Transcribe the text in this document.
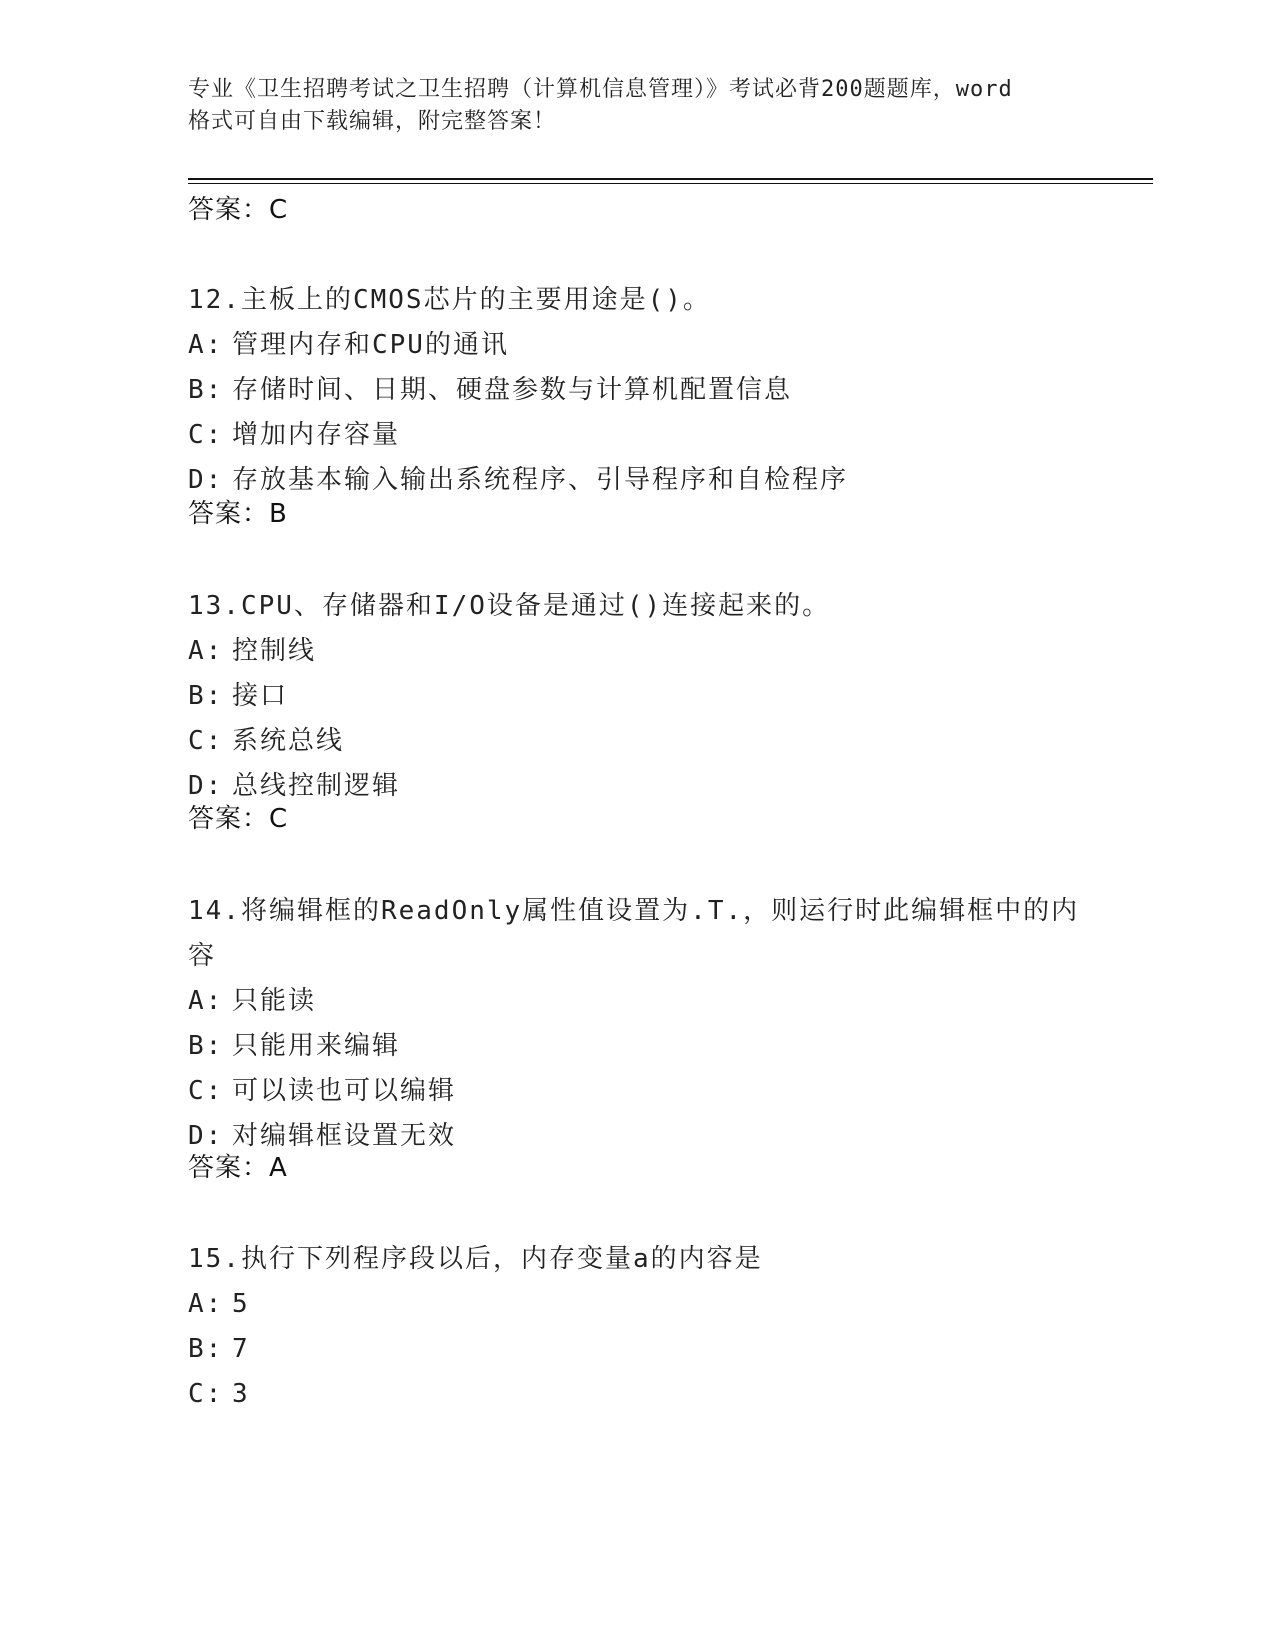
专业《卫生招聘考试之卫生招聘（计算机信息管理）》考试必背200题题库，word
格式可自由下载编辑，附完整答案！
答案：C
12.主板上的CMOS芯片的主要用途是()。
A: 管理内存和CPU的通讯
B: 存储时间、日期、硬盘参数与计算机配置信息
C: 增加内存容量
D: 存放基本输入输出系统程序、引导程序和自检程序
答案：B
13.CPU、存储器和I/O设备是通过()连接起来的。
A: 控制线
B: 接口
C: 系统总线
D: 总线控制逻辑
答案：C
14.将编辑框的ReadOnly属性值设置为.T.，则运行时此编辑框中的内
容
A: 只能读
B: 只能用来编辑
C: 可以读也可以编辑
D: 对编辑框设置无效
答案：A
15.执行下列程序段以后，内存变量a的内容是
A: 5
B: 7
C: 3
